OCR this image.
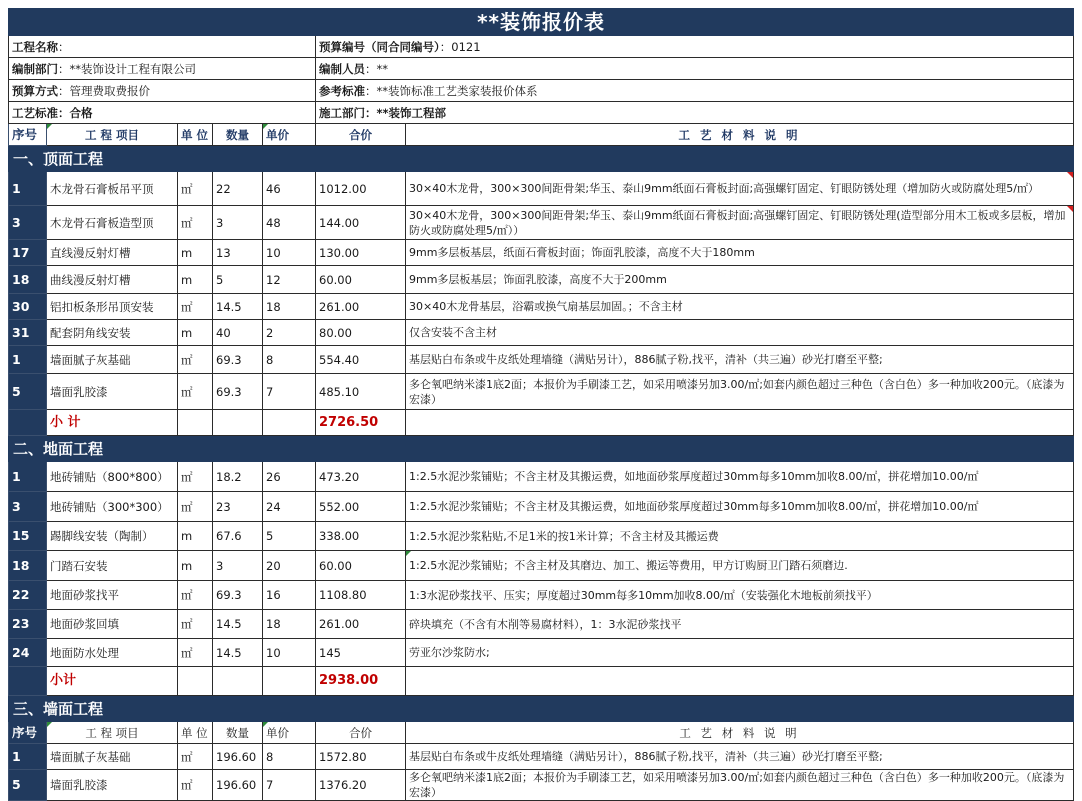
**装饰报价表						
工程名称：					预算编号（同合同编号）：0121	
编制部门：**装饰设计工程有限公司					编制人员：**	
预算方式：管理费取费报价					参考标准：**装饰标准工艺类家装报价体系	
工艺标准：合格					施工部门：**装饰工程部	
序号	工 程 项目	单 位	数量	单价	合价	工 艺 材 料 说 明
一、顶面工程						
1	木龙骨石膏板吊平顶	㎡	22	46	1012.00	30×40木龙骨，300×300间距骨架;华玉、泰山9mm纸面石膏板封面;高强螺钉固定、钉眼防锈处理（增加防火或防腐处理5/㎡）
3	木龙骨石膏板造型顶	㎡	3	48	144.00	30×40木龙骨，300×300间距骨架;华玉、泰山9mm纸面石膏板封面;高强螺钉固定、钉眼防锈处理(造型部分用木工板或多层板，增加防火或防腐处理5/㎡））
17	直线漫反射灯槽	m	13	10	130.00	9mm多层板基层，纸面石膏板封面；饰面乳胶漆，高度不大于180mm
18	曲线漫反射灯槽	m	5	12	60.00	9mm多层板基层；饰面乳胶漆，高度不大于200mm
30	铝扣板条形吊顶安装	㎡	14.5	18	261.00	30×40木龙骨基层，浴霸或换气扇基层加固。；不含主材
31	配套阴角线安装	m	40	2	80.00	仅含安装不含主材
1	墙面腻子灰基础	㎡	69.3	8	554.40	基层贴白布条或牛皮纸处理墙缝（满贴另计），886腻子粉,找平，清补（共三遍）砂光打磨至平整;
5	墙面乳胶漆	㎡	69.3	7	485.10	多仑氧吧纳米漆1底2面；本报价为手刷漆工艺，如采用喷漆另加3.00/㎡;如套内颜色超过三种色（含白色）多一种加收200元。（底漆为宏漆）
	小 计				2726.50	
二、地面工程						
1	地砖铺贴（800*800）	㎡	18.2	26	473.20	1:2.5水泥沙浆铺贴；不含主材及其搬运费，如地面砂浆厚度超过30mm每多10mm加收8.00/㎡，拼花增加10.00/㎡
3	地砖铺贴（300*300）	㎡	23	24	552.00	1:2.5水泥沙浆铺贴；不含主材及其搬运费，如地面砂浆厚度超过30mm每多10mm加收8.00/㎡，拼花增加10.00/㎡
15	踢脚线安装（陶制）	m	67.6	5	338.00	1:2.5水泥沙浆粘贴,不足1米的按1米计算；不含主材及其搬运费
18	门踏石安装	m	3	20	60.00	1:2.5水泥沙浆铺贴；不含主材及其磨边、加工、搬运等费用，甲方订购厨卫门踏石须磨边.
22	地面砂浆找平	㎡	69.3	16	1108.80	1:3水泥砂浆找平、压实；厚度超过30mm每多10mm加收8.00/㎡（安装强化木地板前须找平）
23	地面砂浆回填	㎡	14.5	18	261.00	碎块填充（不含有木削等易腐材料），1：3水泥砂浆找平
24	地面防水处理	㎡	14.5	10	145	劳亚尔沙浆防水;
	小计				2938.00	
三、墙面工程						
序号	工 程 项目	单 位	数量	单价	合价	工 艺 材 料 说 明
1	墙面腻子灰基础	㎡	196.60	8	1572.80	基层贴白布条或牛皮纸处理墙缝（满贴另计），886腻子粉,找平，清补（共三遍）砂光打磨至平整;
5	墙面乳胶漆	㎡	196.60	7	1376.20	多仑氧吧纳米漆1底2面；本报价为手刷漆工艺，如采用喷漆另加3.00/㎡;如套内颜色超过三种色（含白色）多一种加收200元。（底漆为宏漆）
